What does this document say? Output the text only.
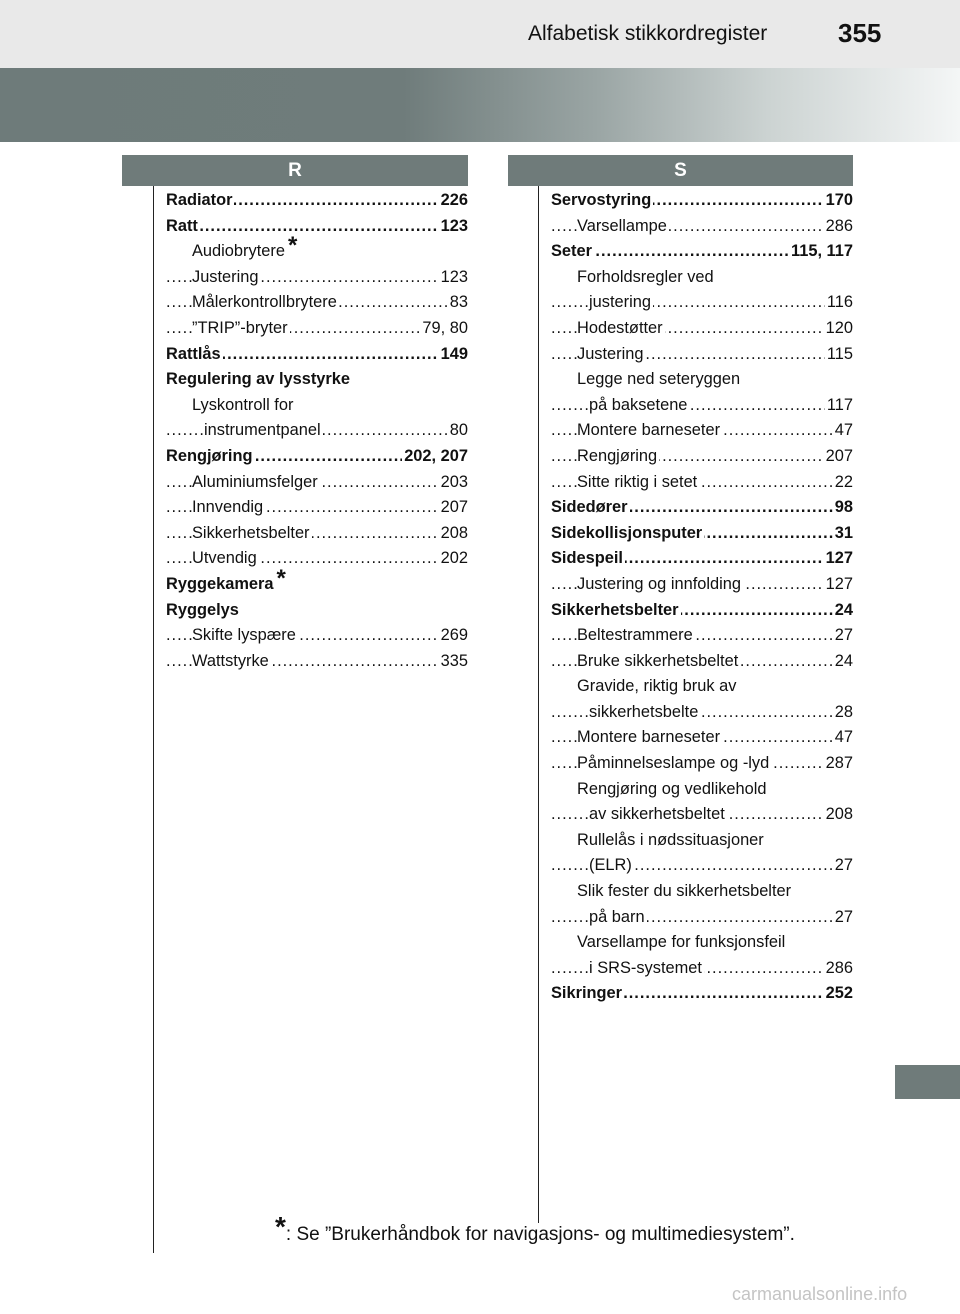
Alfabetisk stikkordregister	355
R	S
..... Radiator	226
..... Ratt	123
Audiobrytere *
..... Justering	123
..... Målerkontrollbrytere	83
..... ”TRIP”-bryter	79, 80
..... Rattlås	149
Regulering av lysstyrke
Lyskontroll for
..... instrumentpanel	80
..... Rengjøring	202, 207
..... Aluminiumsfelger	203
..... Innvendig	207
..... Sikkerhetsbelter	208
..... Utvendig	202
Ryggekamera *
Ryggelys
..... Skifte lyspære	269
..... Wattstyrke	335
..... Servostyring	170
..... Varsellampe	286
..... Seter	115, 117
Forholdsregler ved
..... justering	116
..... Hodestøtter	120
..... Justering	115
Legge ned seteryggen
..... på baksetene	117
..... Montere barneseter	47
..... Rengjøring	207
..... Sitte riktig i setet	22
..... Sidedører	98
..... Sidekollisjonsputer	31
..... Sidespeil	127
..... Justering og innfolding	127
..... Sikkerhetsbelter	24
..... Beltestrammere	27
..... Bruke sikkerhetsbeltet	24
Gravide, riktig bruk av
..... sikkerhetsbelte	28
..... Montere barneseter	47
..... Påminnelseslampe og -lyd	287
Rengjøring og vedlikehold
..... av sikkerhetsbeltet	208
Rullelås i nødssituasjoner
..... (ELR)	27
Slik fester du sikkerhetsbelter
..... på barn	27
Varsellampe for funksjonsfeil
..... i SRS-systemet	286
..... Sikringer	252
*: Se ”Brukerhåndbok for navigasjons- og multimediesystem”.
carmanualsonline.info
